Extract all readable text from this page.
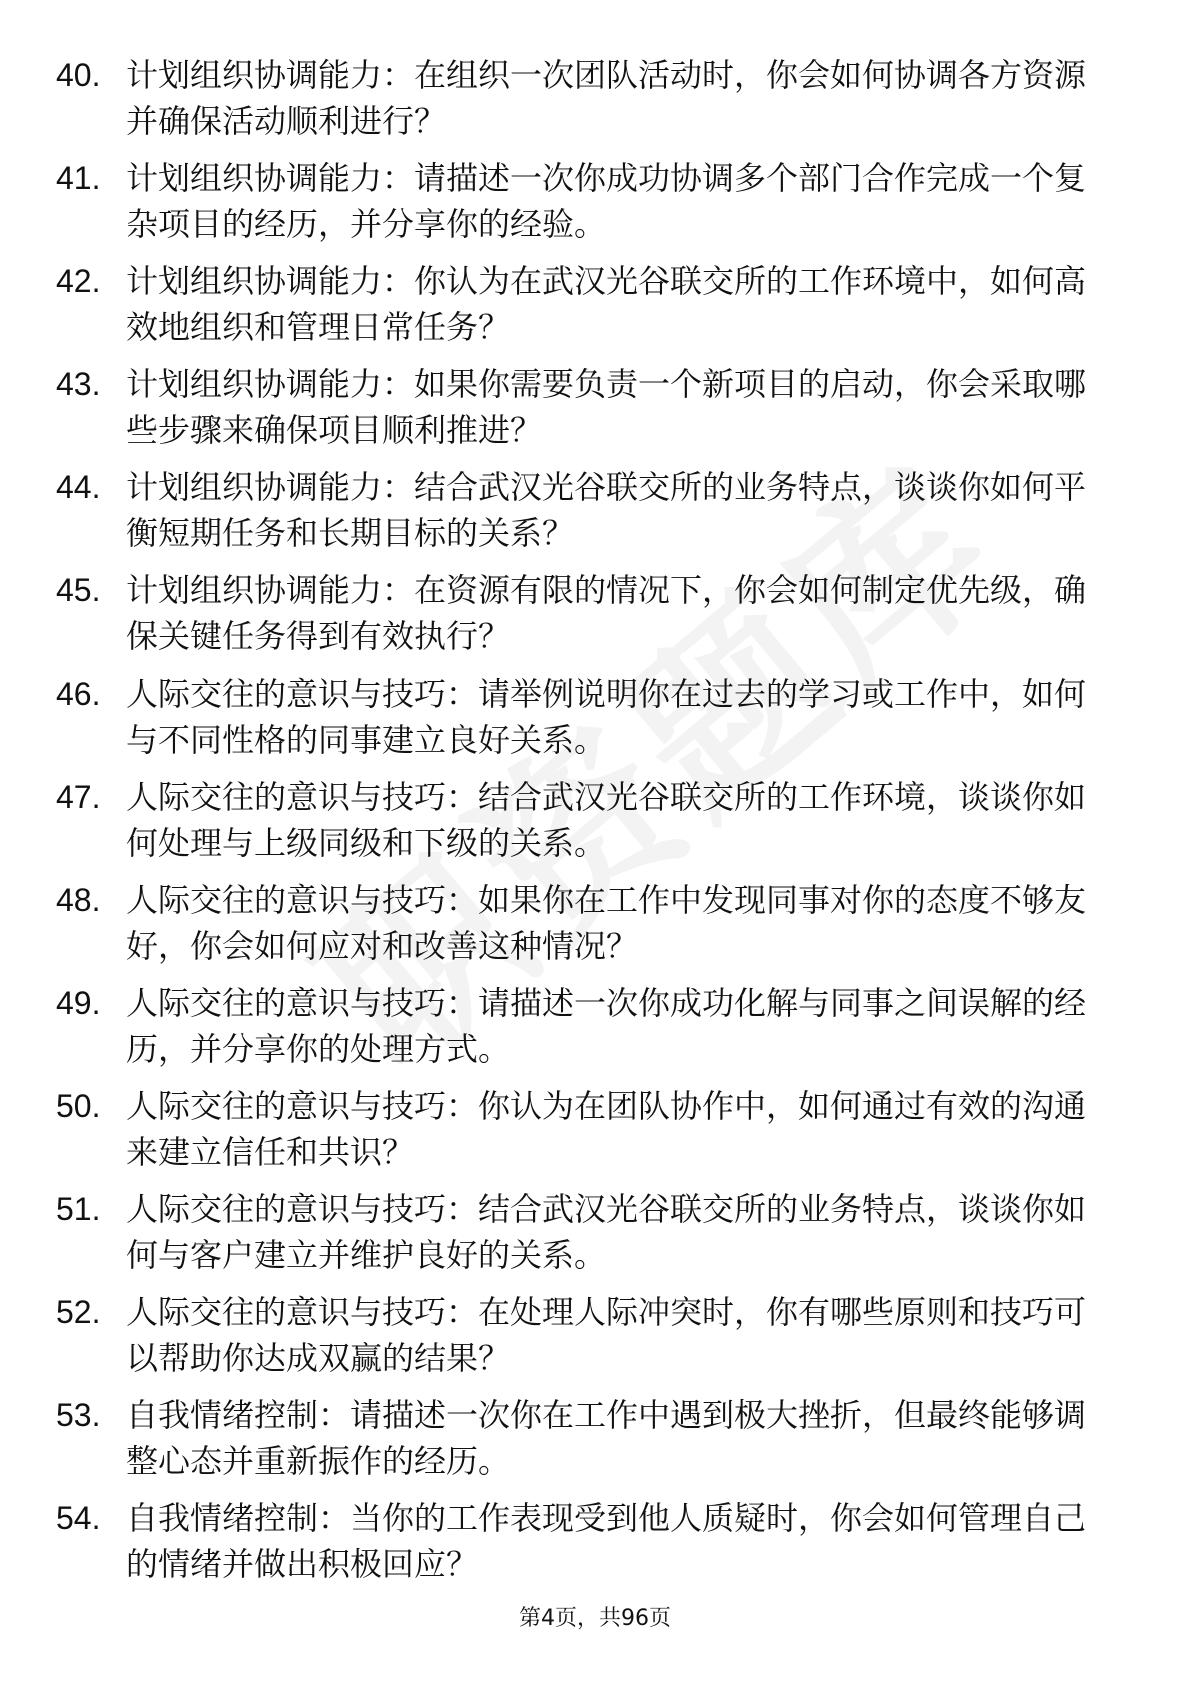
40. 计划组织协调能力：在组织一次团队活动时，你会如何协调各方资源并确保活动顺利进行？
41. 计划组织协调能力：请描述一次你成功协调多个部门合作完成一个复杂项目的经历，并分享你的经验。
42. 计划组织协调能力：你认为在武汉光谷联交所的工作环境中，如何高效地组织和管理日常任务？
43. 计划组织协调能力：如果你需要负责一个新项目的启动，你会采取哪些步骤来确保项目顺利推进？
44. 计划组织协调能力：结合武汉光谷联交所的业务特点，谈谈你如何平衡短期任务和长期目标的关系？
45. 计划组织协调能力：在资源有限的情况下，你会如何制定优先级，确保关键任务得到有效执行？
46. 人际交往的意识与技巧：请举例说明你在过去的学习或工作中，如何与不同性格的同事建立良好关系。
47. 人际交往的意识与技巧：结合武汉光谷联交所的工作环境，谈谈你如何处理与上级同级和下级的关系。
48. 人际交往的意识与技巧：如果你在工作中发现同事对你的态度不够友好，你会如何应对和改善这种情况？
49. 人际交往的意识与技巧：请描述一次你成功化解与同事之间误解的经历，并分享你的处理方式。
50. 人际交往的意识与技巧：你认为在团队协作中，如何通过有效的沟通来建立信任和共识？
51. 人际交往的意识与技巧：结合武汉光谷联交所的业务特点，谈谈你如何与客户建立并维护良好的关系。
52. 人际交往的意识与技巧：在处理人际冲突时，你有哪些原则和技巧可以帮助你达成双赢的结果？
53. 自我情绪控制：请描述一次你在工作中遇到极大挫折，但最终能够调整心态并重新振作的经历。
54. 自我情绪控制：当你的工作表现受到他人质疑时，你会如何管理自己的情绪并做出积极回应？
第4页，共96页
